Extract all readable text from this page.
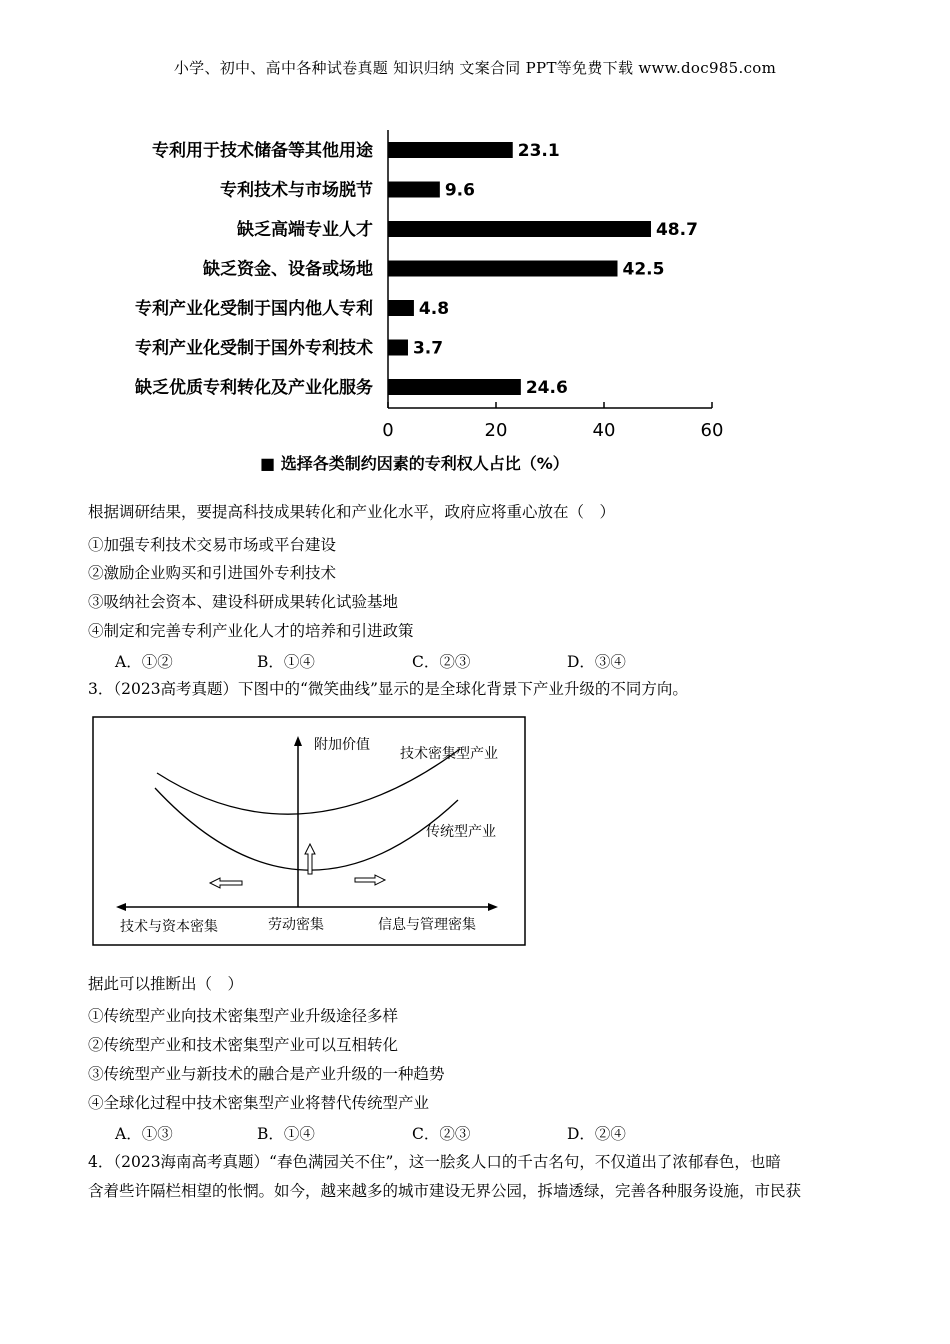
小学、初中、高中各种试卷真题 知识归纳 文案合同 PPT等免费下载 www.doc985.com
专利用于技术储备等其他用途	23.1
专利技术与市场脱节	9.6
缺乏高端专业人才	48.7
缺乏资金、设备或场地	42.5
专利产业化受制于国内他人专利	4.8
专利产业化受制于国外专利技术 3.7
缺乏优质专利转化及产业化服务	24.6
0	20	40	60
■ 选择各类制约因素的专利权人占比（%）
根据调研结果，要提高科技成果转化和产业化水平，政府应将重心放在（　）
①加强专利技术交易市场或平台建设
②激励企业购买和引进国外专利技术
③吸纳社会资本、建设科研成果转化试验基地
④制定和完善专利产业化人才的培养和引进政策
A．①②	B．①④	C．②③	D．③④
3．（2023高考真题）下图中的“微笑曲线”显示的是全球化背景下产业升级的不同方向。
附加价值
技术密集型产业
传统型产业
技术与资本密集	劳动密集	信息与管理密集
据此可以推断出（　）
①传统型产业向技术密集型产业升级途径多样
②传统型产业和技术密集型产业可以互相转化
③传统型产业与新技术的融合是产业升级的一种趋势
④全球化过程中技术密集型产业将替代传统型产业
A．①③	B．①④	C．②③	D．②④
4．（2023海南高考真题）“春色满园关不住”，这一脍炙人口的千古名句，不仅道出了浓郁春色，也暗
含着些许隔栏相望的怅惘。如今，越来越多的城市建设无界公园，拆墙透绿，完善各种服务设施，市民获
